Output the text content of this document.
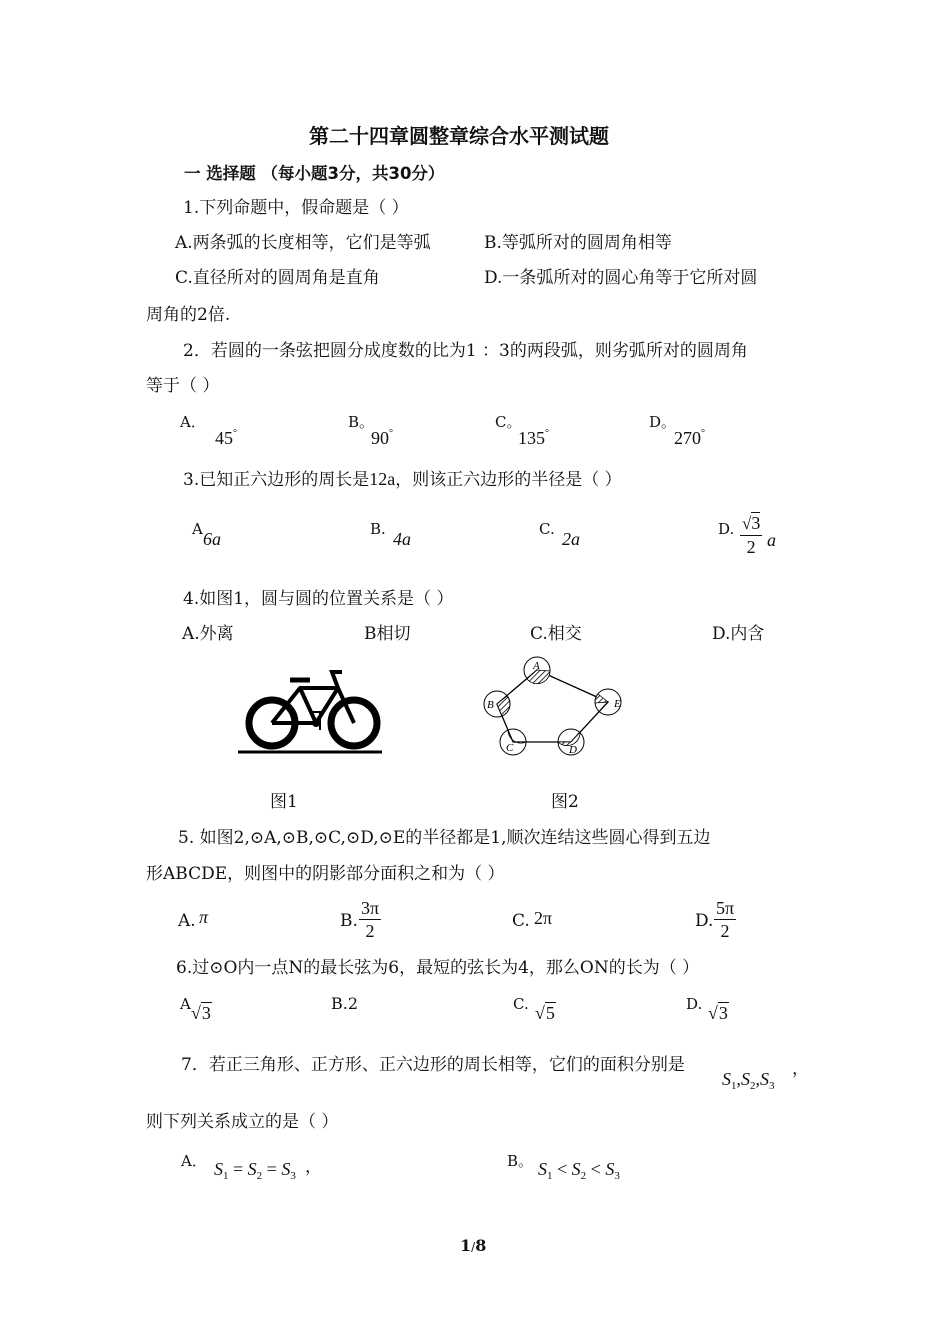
第二十四章圆整章综合水平测试题
一 选择题 （每小题3分，共30分）
1.下列命题中，假命题是（ ）
A.两条弧的长度相等，它们是等弧	B.等弧所对的圆周角相等
C.直径所对的圆周角是直角	D.一条弧所对的圆心角等于它所对圆
周角的2倍.
2．若圆的一条弦把圆分成度数的比为1 ：3的两段弧，则劣弧所对的圆周角
等于（ ）
A．
45°
B。
90°
C。
135°
D。
270°
3.已知正六边形的周长是12a，则该正六边形的半径是（ ）
A 6a	B. 4a	C. 2a	D. $\frac{√3}{2}$ a
4.如图1，圆与圆的位置关系是（ ）
A.外离	B相切	C.相交	D.内含
A
B
C	D
E
图1	图2
5. 如图2,⊙A,⊙B,⊙C,⊙D,⊙E的半径都是1,顺次连结这些圆心得到五边
形ABCDE，则图中的阴影部分面积之和为（ ）
A. π	B. $\frac{3\pi}{2}$	C. 2π	D. $\frac{5\pi}{2}$
6.过⊙O内一点N的最长弦为6，最短的弦长为4，那么ON的长为（ ）
A √3	B.2	C. √5	D. √3
7．若正三角形、正方形、正六边形的周长相等，它们的面积分别是
$S_1,S_2,S_3$
，
则下列关系成立的是（ ）
A． $S_1 = S_2 = S_3$ ，	B。 $S_1 < S_2 < S_3$
1/8
